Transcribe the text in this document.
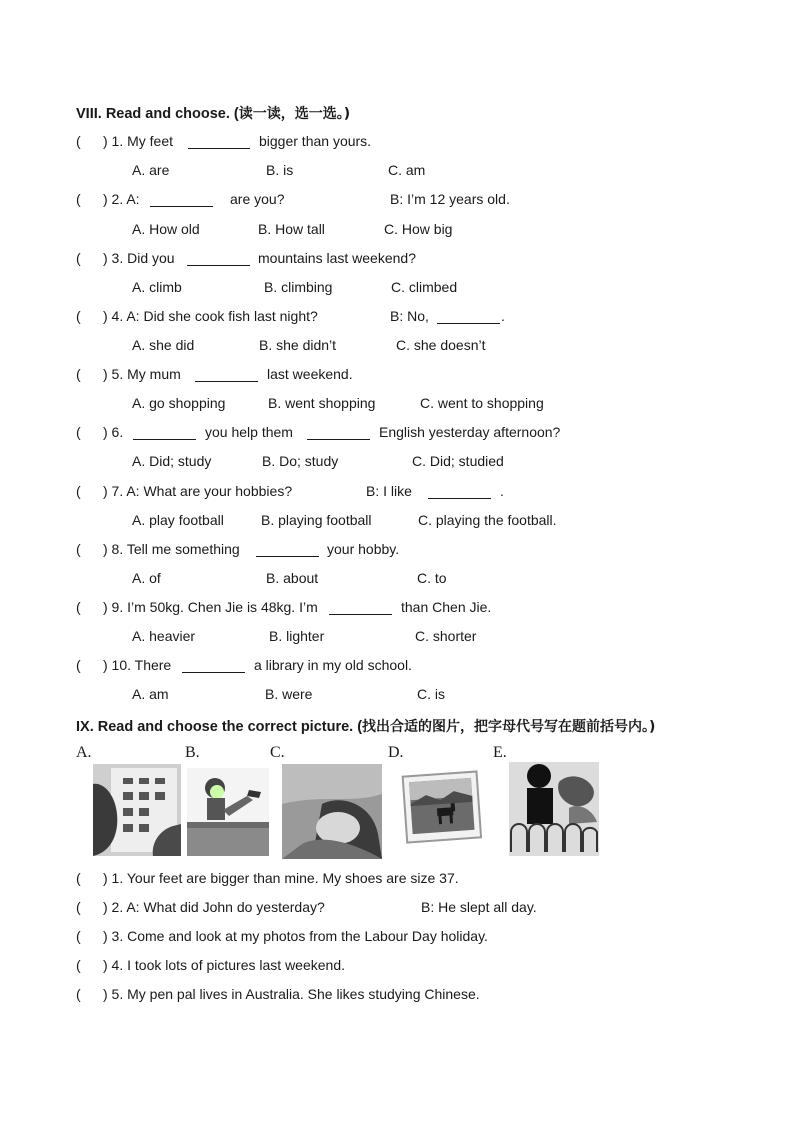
VIII. Read and choose. (读一读，选一选。)
( ) 1. My feet	bigger than yours.
A. are	B. is	C. am
( ) 2. A:	are you?	B: I’m 12 years old.
A. How old	B. How tall	C. How big
( ) 3. Did you	mountains last weekend?
A. climb	B. climbing	C. climbed
( ) 4. A: Did she cook fish last night?	B: No,	.
A. she did	B. she didn’t	C. she doesn’t
( ) 5. My mum	last weekend.
A. go shopping	B. went shopping	C. went to shopping
( ) 6.	you help them	English yesterday afternoon?
A. Did; study	B. Do; study	C. Did; studied
( ) 7. A: What are your hobbies?	B: I like	.
A. play football	B. playing football	C. playing the football.
( ) 8. Tell me something	your hobby.
A. of	B. about	C. to
( ) 9. I’m 50kg. Chen Jie is 48kg. I’m	than Chen Jie.
A. heavier	B. lighter	C. shorter
( ) 10. There	a library in my old school.
A. am	B. were	C. is
IX. Read and choose the correct picture. (找出合适的图片，把字母代号写在题前括号内。)
A.	B.	C.	D.	E.
( ) 1. Your feet are bigger than mine. My shoes are size 37.
( ) 2. A: What did John do yesterday?	B: He slept all day.
( ) 3. Come and look at my photos from the Labour Day holiday.
( ) 4. I took lots of pictures last weekend.
( ) 5. My pen pal lives in Australia. She likes studying Chinese.
